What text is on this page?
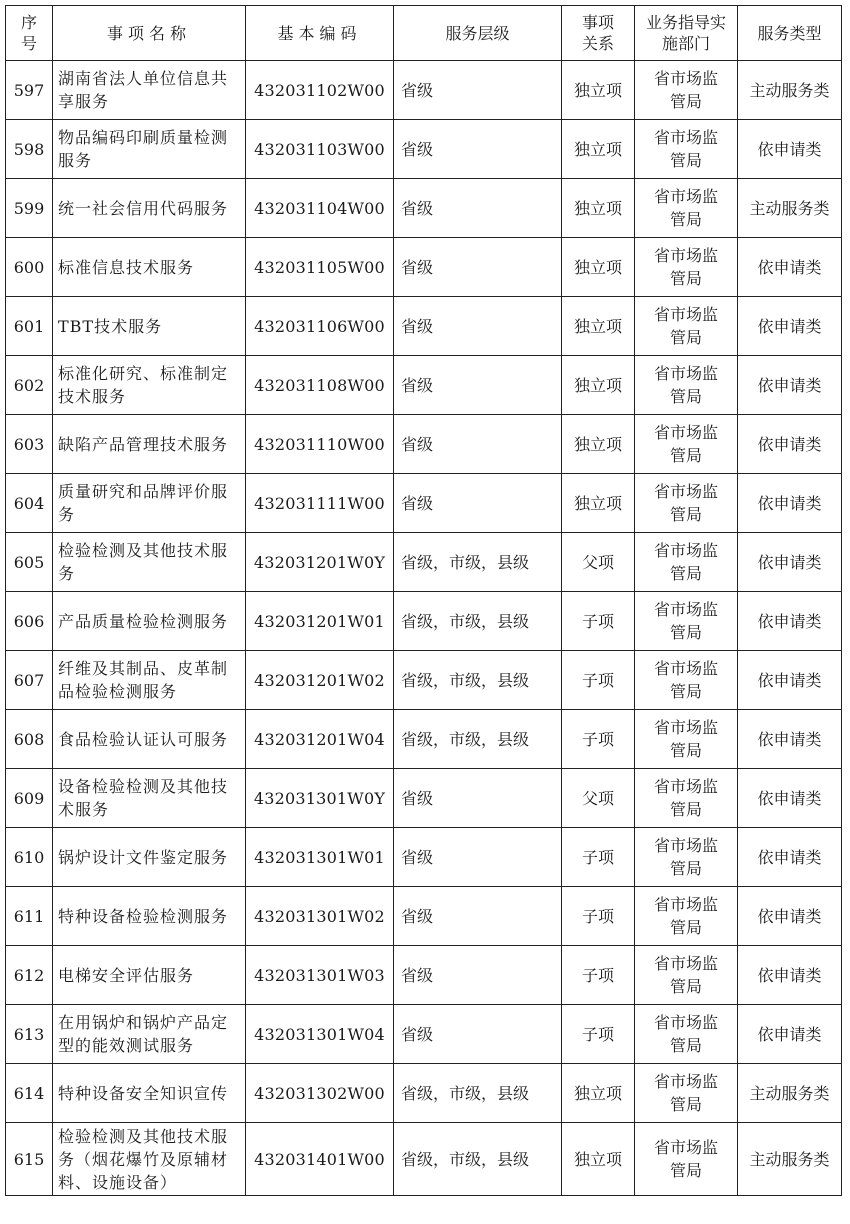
序号	事项名称	基本编码	服务层级	事项关系	业务指导实施部门	服务类型
597	湖南省法人单位信息共享服务	432031102W00	省级	独立项	省市场监管局	主动服务类
598	物品编码印刷质量检测服务	432031103W00	省级	独立项	省市场监管局	依申请类
599	统一社会信用代码服务	432031104W00	省级	独立项	省市场监管局	主动服务类
600	标准信息技术服务	432031105W00	省级	独立项	省市场监管局	依申请类
601	TBT技术服务	432031106W00	省级	独立项	省市场监管局	依申请类
602	标准化研究、标准制定技术服务	432031108W00	省级	独立项	省市场监管局	依申请类
603	缺陷产品管理技术服务	432031110W00	省级	独立项	省市场监管局	依申请类
604	质量研究和品牌评价服务	432031111W00	省级	独立项	省市场监管局	依申请类
605	检验检测及其他技术服务	432031201W0Y	省级，市级，县级	父项	省市场监管局	依申请类
606	产品质量检验检测服务	432031201W01	省级，市级，县级	子项	省市场监管局	依申请类
607	纤维及其制品、皮革制品检验检测服务	432031201W02	省级，市级，县级	子项	省市场监管局	依申请类
608	食品检验认证认可服务	432031201W04	省级，市级，县级	子项	省市场监管局	依申请类
609	设备检验检测及其他技术服务	432031301W0Y	省级	父项	省市场监管局	依申请类
610	锅炉设计文件鉴定服务	432031301W01	省级	子项	省市场监管局	依申请类
611	特种设备检验检测服务	432031301W02	省级	子项	省市场监管局	依申请类
612	电梯安全评估服务	432031301W03	省级	子项	省市场监管局	依申请类
613	在用锅炉和锅炉产品定型的能效测试服务	432031301W04	省级	子项	省市场监管局	依申请类
614	特种设备安全知识宣传	432031302W00	省级，市级，县级	独立项	省市场监管局	主动服务类
615	检验检测及其他技术服务（烟花爆竹及原辅材料、设施设备）	432031401W00	省级，市级，县级	独立项	省市场监管局	主动服务类
